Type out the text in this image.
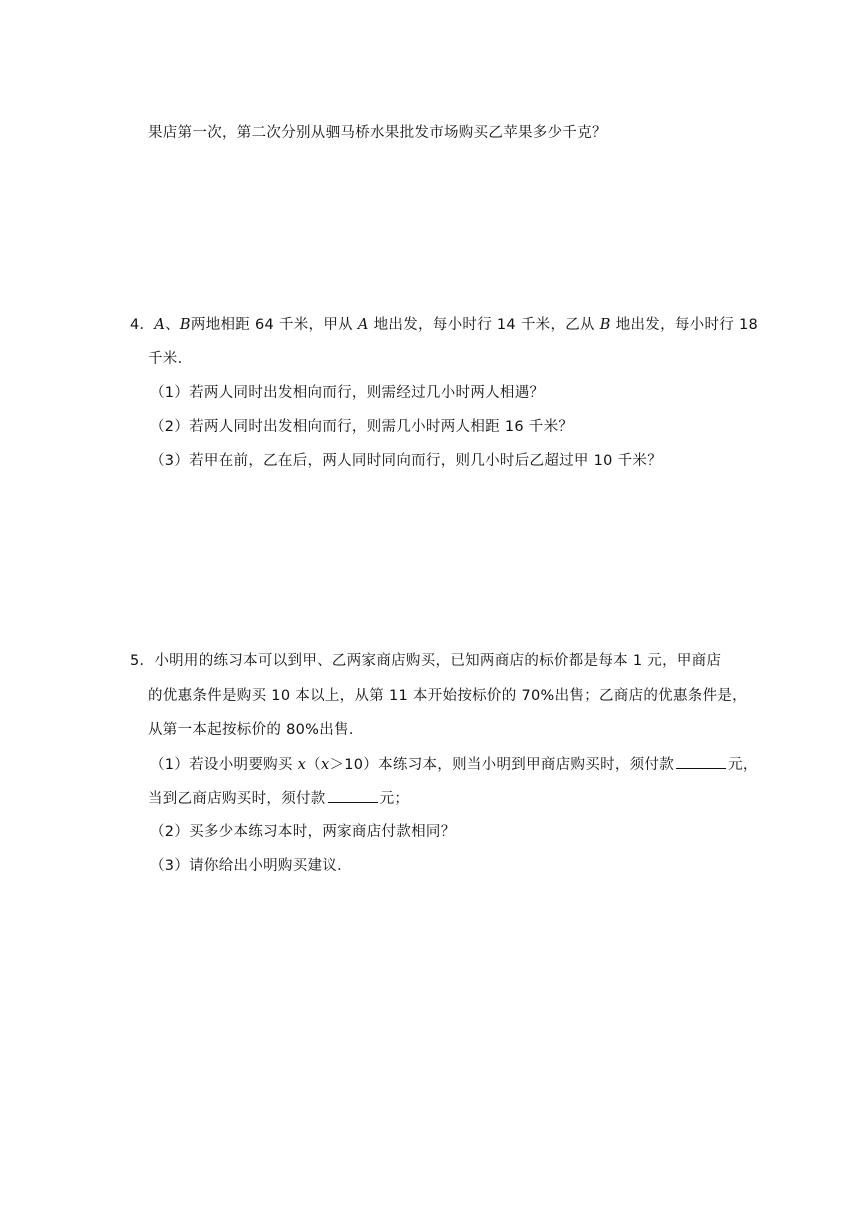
果店第一次，第二次分别从驷马桥水果批发市场购买乙苹果多少千克？
4．A、B两地相距 64 千米，甲从 A 地出发，每小时行 14 千米，乙从 B 地出发，每小时行 18
千米．
（1）若两人同时出发相向而行，则需经过几小时两人相遇？
（2）若两人同时出发相向而行，则需几小时两人相距 16 千米？
（3）若甲在前，乙在后，两人同时同向而行，则几小时后乙超过甲 10 千米？
5．小明用的练习本可以到甲、乙两家商店购买，已知两商店的标价都是每本 1 元，甲商店
的优惠条件是购买 10 本以上，从第 11 本开始按标价的 70%出售；乙商店的优惠条件是，
从第一本起按标价的 80%出售．
（1）若设小明要购买 x（x＞10）本练习本，则当小明到甲商店购买时，须付款	元，
当到乙商店购买时，须付款	元；
（2）买多少本练习本时，两家商店付款相同？
（3）请你给出小明购买建议．
